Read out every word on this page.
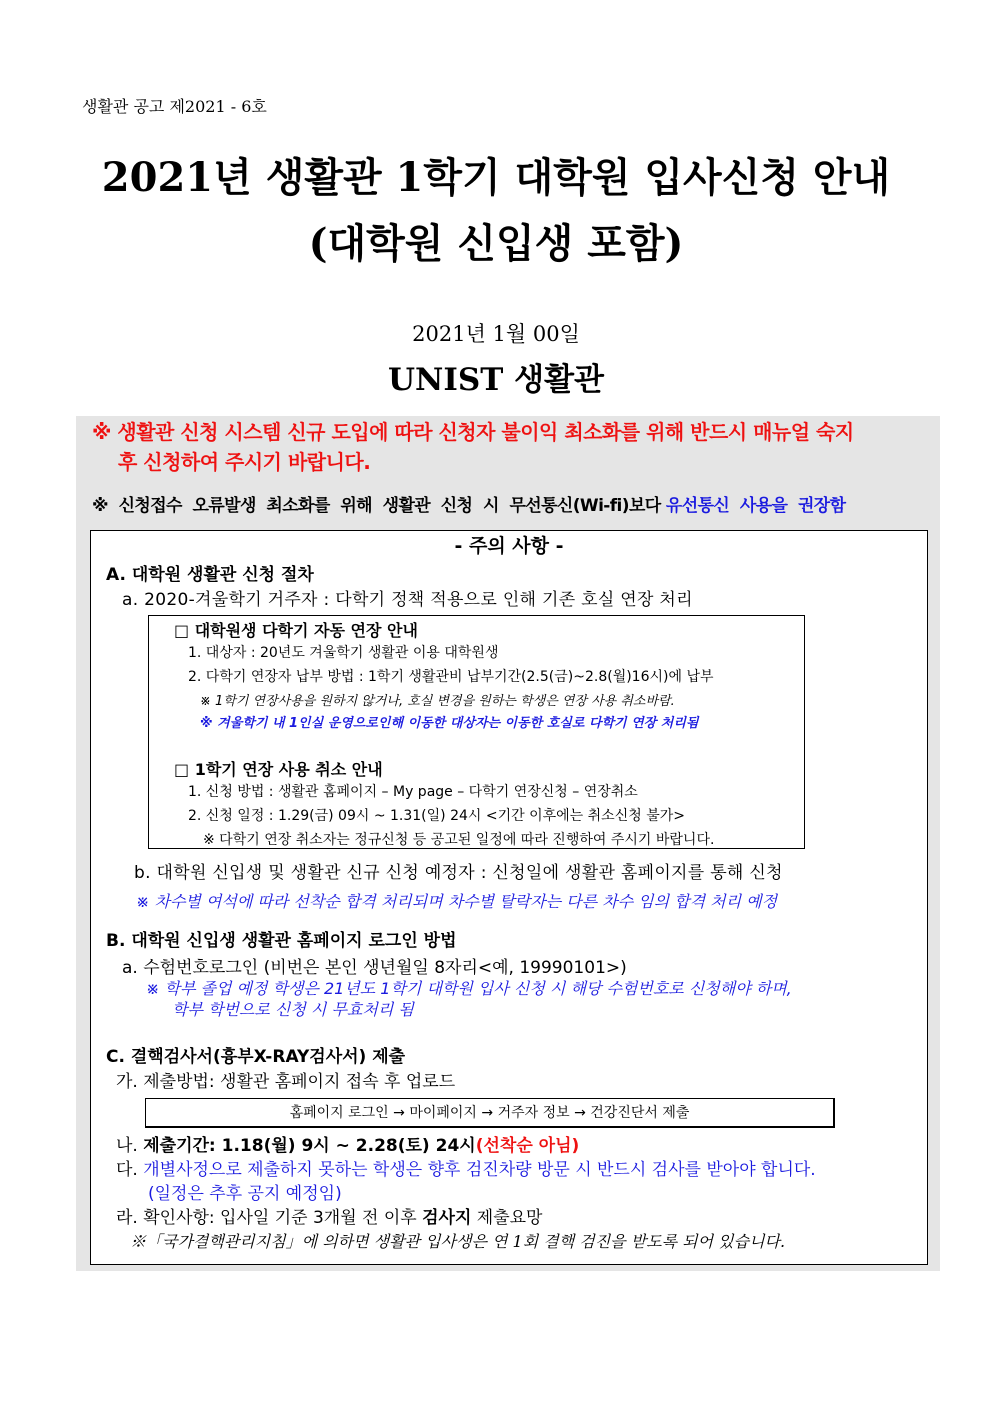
생활관 공고 제2021 - 6호
2021년 생활관 1학기 대학원 입사신청 안내
(대학원 신입생 포함)
2021년 1월 00일
UNIST 생활관
※ 생활관 신청 시스템 신규 도입에 따라 신청자 불이익 최소화를 위해 반드시 매뉴얼 숙지
후 신청하여 주시기 바랍니다.
※  신청접수  오류발생  최소화를  위해  생활관  신청  시  무선통신(Wi-fi)보다 유선통신  사용을  권장함
- 주의 사항 -
A. 대학원 생활관 신청 절차
a. 2020-겨울학기 거주자 : 다학기 정책 적용으로 인해 기존 호실 연장 처리
□ 대학원생 다학기 자동 연장 안내
1. 대상자 : 20년도 겨울학기 생활관 이용 대학원생
2. 다학기 연장자 납부 방법 : 1학기 생활관비 납부기간(2.5(금)~2.8(월)16시)에 납부
※ 1학기 연장사용을 원하지 않거나, 호실 변경을 원하는 학생은 연장 사용 취소바람.
※ 겨울학기 내 1인실 운영으로인해 이동한 대상자는 이동한 호실로 다학기 연장 처리됨
□ 1학기 연장 사용 취소 안내
1. 신청 방법 : 생활관 홈페이지 – My page – 다학기 연장신청 – 연장취소
2. 신청 일정 : 1.29(금) 09시 ~ 1.31(일) 24시 <기간 이후에는 취소신청 불가>
※ 다학기 연장 취소자는 정규신청 등 공고된 일정에 따라 진행하여 주시기 바랍니다.
b. 대학원 신입생 및 생활관 신규 신청 예정자 : 신청일에 생활관 홈페이지를 통해 신청
※ 차수별 여석에 따라 선착순 합격 처리되며 차수별 탈락자는 다른 차수 임의 합격 처리 예정
B. 대학원 신입생 생활관 홈페이지 로그인 방법
a. 수험번호로그인 (비번은 본인 생년월일 8자리<예, 19990101>)
※ 학부 졸업 예정 학생은 21년도 1학기 대학원 입사 신청 시 해당 수험번호로 신청해야 하며,
학부 학번으로 신청 시 무효처리 됨
C. 결핵검사서(흉부X-RAY검사서) 제출
가. 제출방법: 생활관 홈페이지 접속 후 업로드
홈페이지 로그인 → 마이페이지 → 거주자 정보 → 건강진단서 제출
나. 제출기간: 1.18(월) 9시 ~ 2.28(토) 24시(선착순 아님)
다. 개별사정으로 제출하지 못하는 학생은 향후 검진차량 방문 시 반드시 검사를 받아야 합니다.
(일정은 추후 공지 예정임)
라. 확인사항: 입사일 기준 3개월 전 이후 검사지 제출요망
※「국가결핵관리지침」에 의하면 생활관 입사생은 연 1회 결핵 검진을 받도록 되어 있습니다.
